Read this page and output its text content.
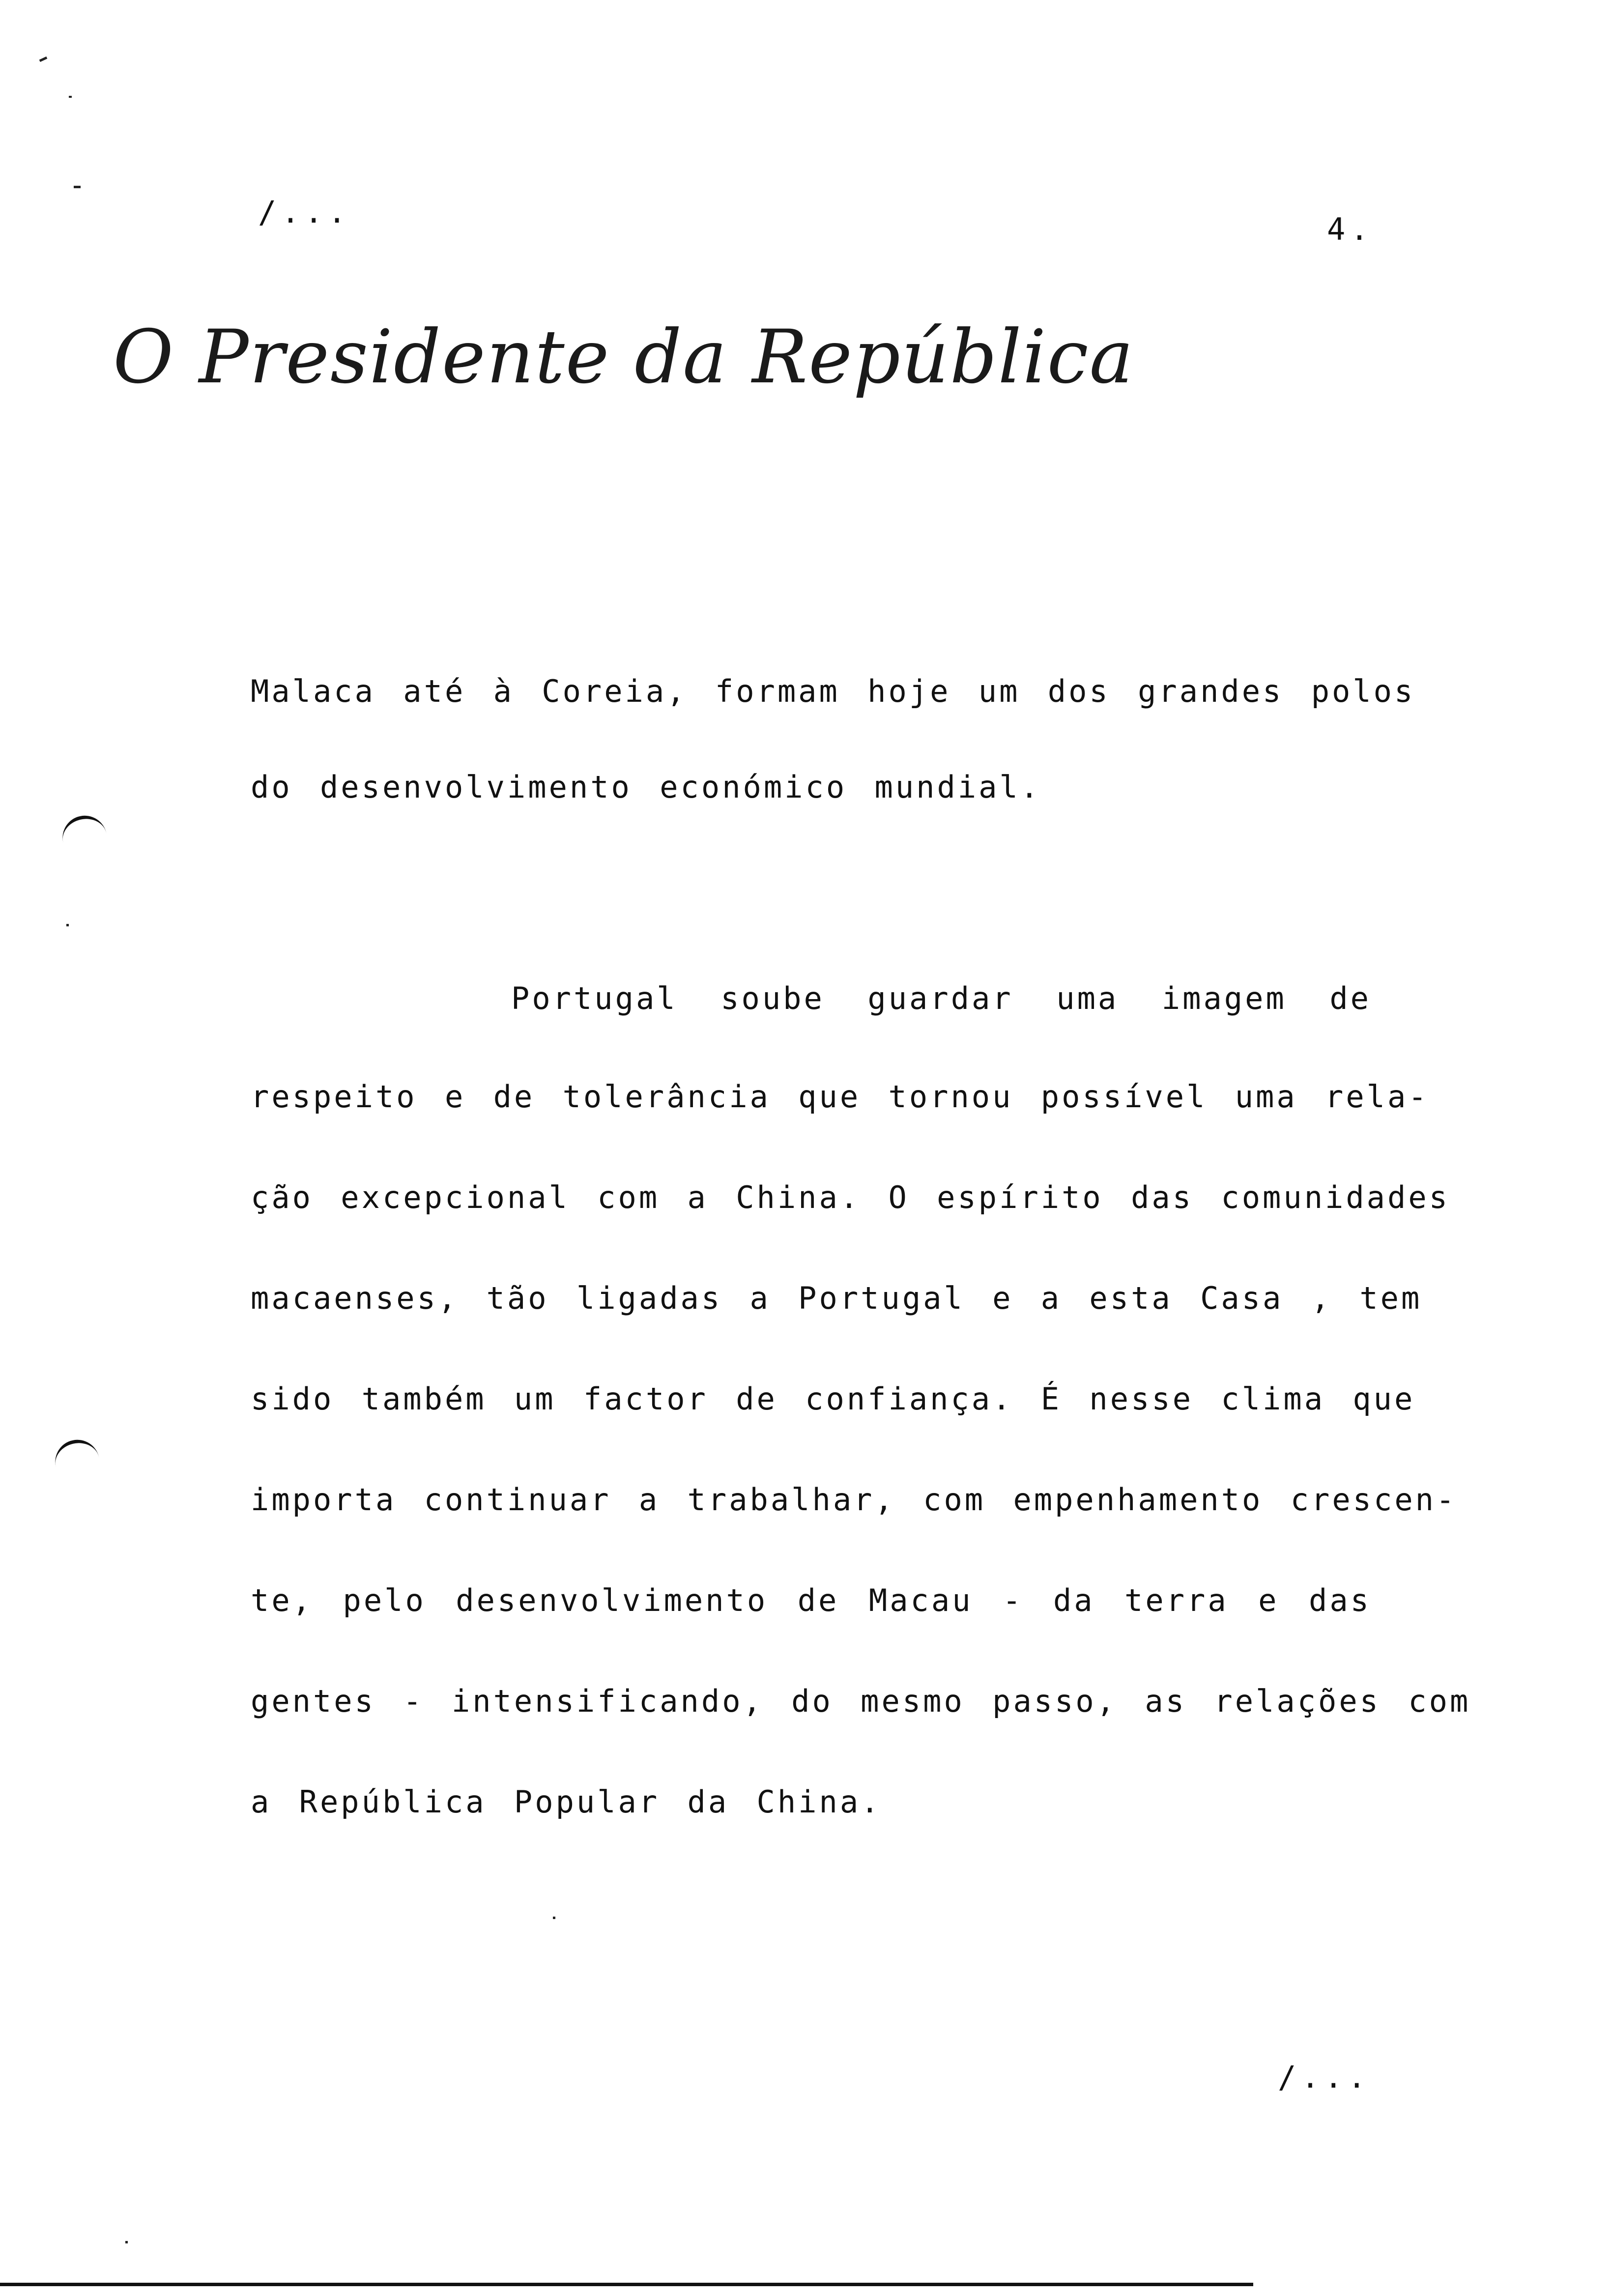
/...	4.
O Presidente da República
Malaca até à Coreia, formam hoje um dos grandes polos
do desenvolvimento económico mundial.
Portugal soube guardar uma imagem de
respeito e de tolerância que tornou possível uma rela-
ção excepcional com a China. O espírito das comunidades
macaenses, tão ligadas a Portugal e a esta Casa , tem
sido também um factor de confiança. É nesse clima que
importa continuar a trabalhar, com empenhamento crescen-
te, pelo desenvolvimento de Macau - da terra e das
gentes - intensificando, do mesmo passo, as relações com
a República Popular da China.
/...
